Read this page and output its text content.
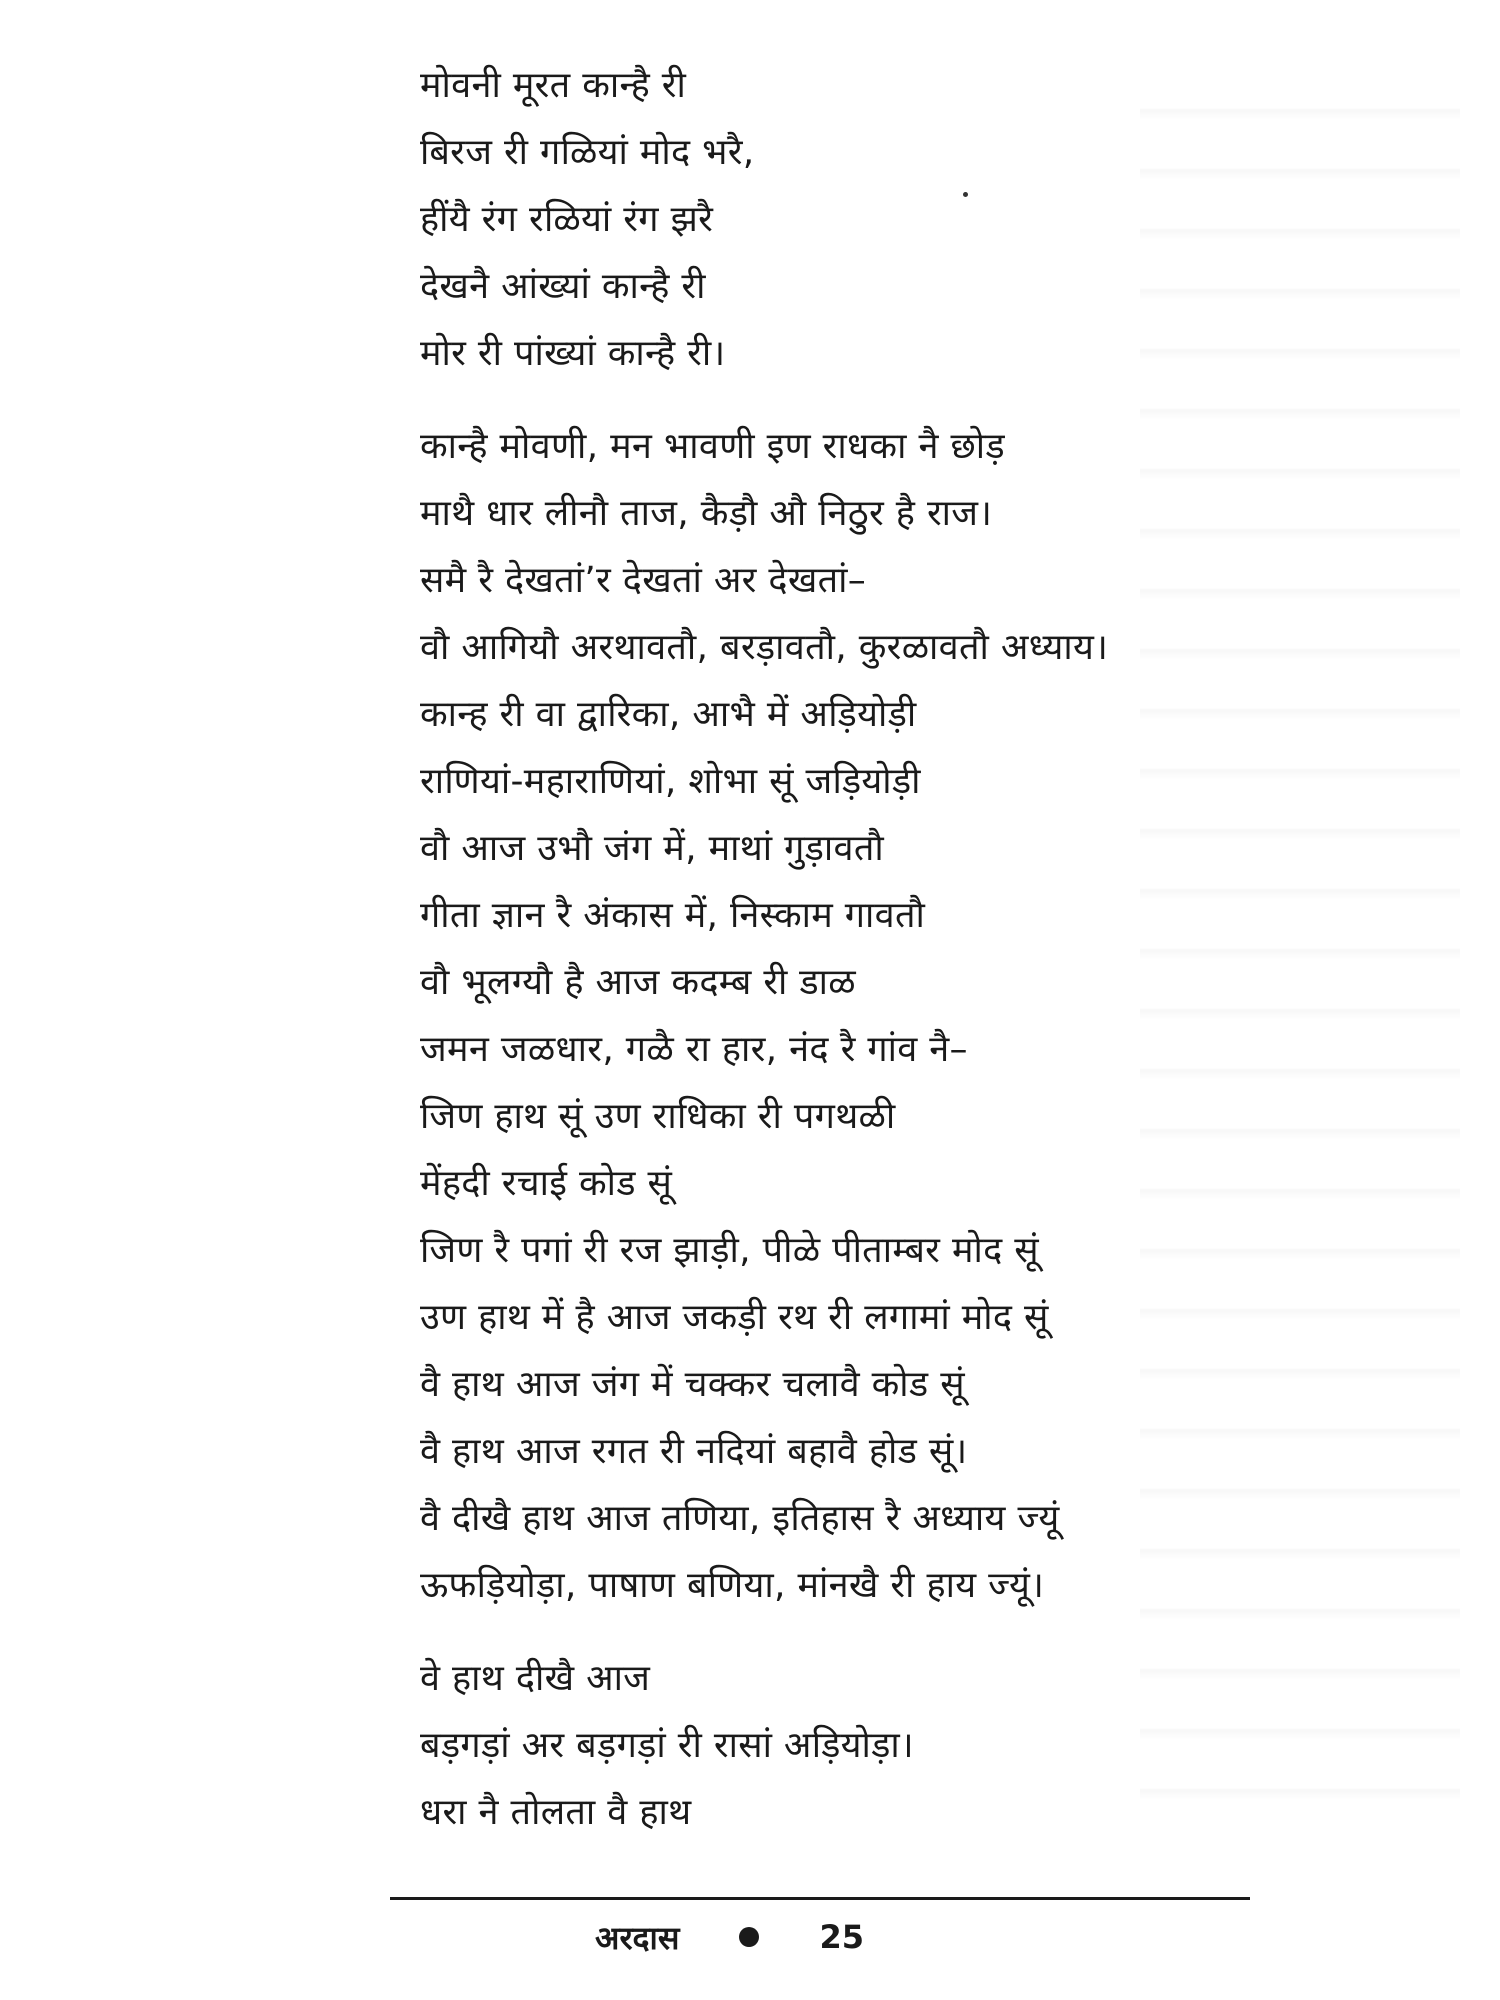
मोवनी मूरत कान्है री
बिरज री गळियां मोद भरै,
हींयै रंग रळियां रंग झरै
देखनै आंख्यां कान्है री
मोर री पांख्यां कान्है री।
कान्है मोवणी, मन भावणी इण राधका नै छोड़
माथै धार लीनौ ताज, कैड़ौ औ निठुर है राज।
समै रै देखतां’र देखतां अर देखतां–
वौ आगियौ अरथावतौ, बरड़ावतौ, कुरळावतौ अध्याय।
कान्ह री वा द्वारिका, आभै में अड़ियोड़ी
राणियां-महाराणियां, शोभा सूं जड़ियोड़ी
वौ आज उभौ जंग में, माथां गुड़ावतौ
गीता ज्ञान रै अंकास में, निस्काम गावतौ
वौ भूलग्यौ है आज कदम्ब री डाळ
जमन जळधार, गळै रा हार, नंद रै गांव नै–
जिण हाथ सूं उण राधिका री पगथळी
मेंहदी रचाई कोड सूं
जिण रै पगां री रज झाड़ी, पीळे पीताम्बर मोद सूं
उण हाथ में है आज जकड़ी रथ री लगामां मोद सूं
वै हाथ आज जंग में चक्कर चलावै कोड सूं
वै हाथ आज रगत री नदियां बहावै होड सूं।
वै दीखै हाथ आज तणिया, इतिहास रै अध्याय ज्यूं
ऊफड़ियोड़ा, पाषाण बणिया, मांनखै री हाय ज्यूं।
वे हाथ दीखै आज
बड़गड़ां अर बड़गड़ां री रासां अड़ियोड़ा।
धरा नै तोलता वै हाथ
अरदास	25
